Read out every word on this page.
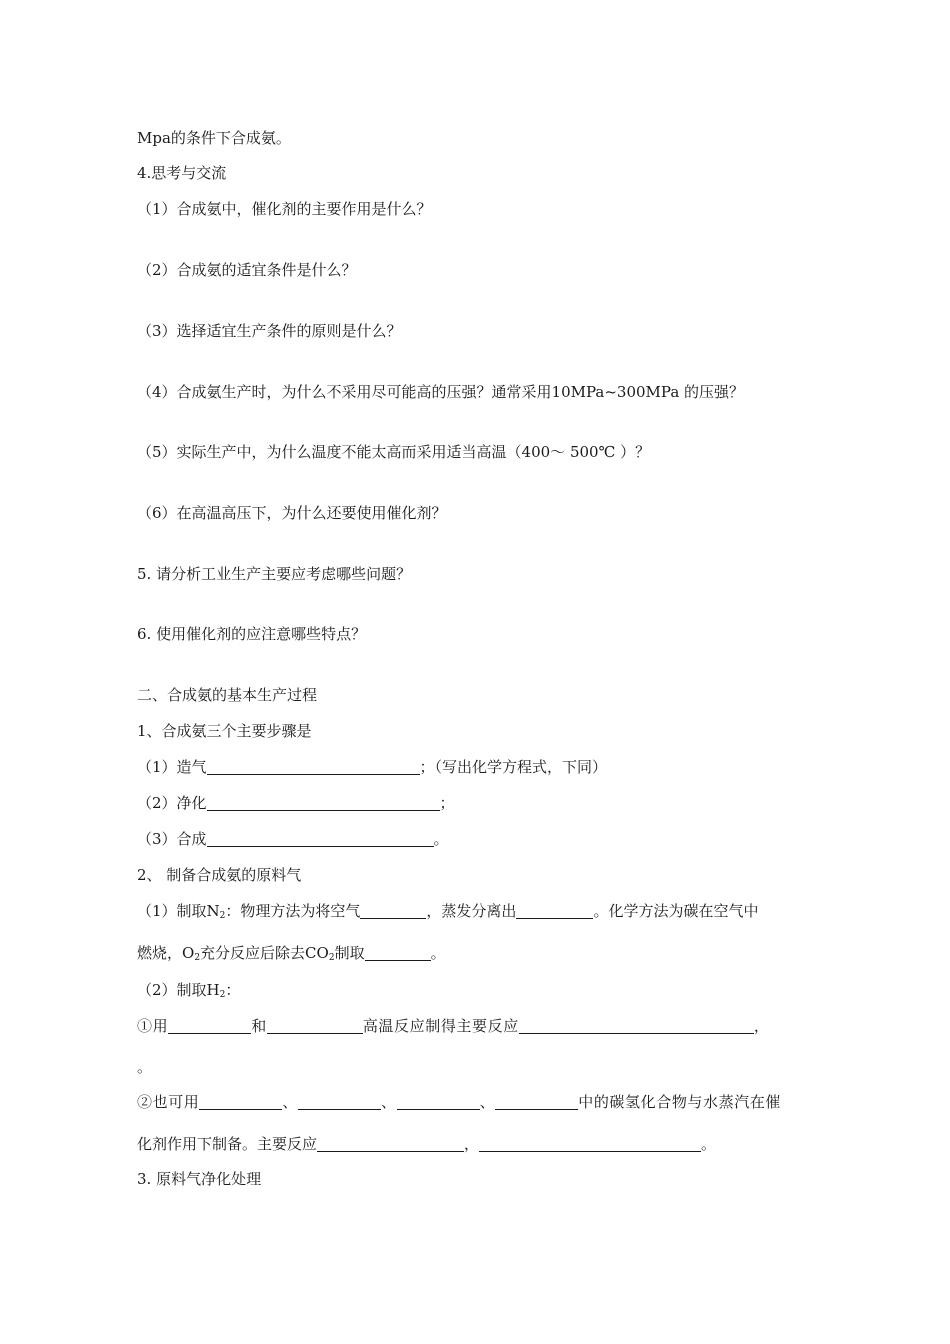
Mpa的条件下合成氨。
4.思考与交流
（1）合成氨中，催化剂的主要作用是什么？
（2）合成氨的适宜条件是什么？
（3）选择适宜生产条件的原则是什么？
（4）合成氨生产时，为什么不采用尽可能高的压强？通常采用10MPa~300MPa 的压强？
（5）实际生产中，为什么温度不能太高而采用适当高温（400～ 500℃ ）？
（6）在高温高压下，为什么还要使用催化剂？
5. 请分析工业生产主要应考虑哪些问题？
6. 使用催化剂的应注意哪些特点？
二、合成氨的基本生产过程
1、合成氨三个主要步骤是
（1）造气	；（写出化学方程式，下同）
（2）净化	；
（3）合成	。
2、 制备合成氨的原料气
（1）制取$N_2$：物理方法为将空气	，蒸发分离出	。化学方法为碳在空气中
燃烧，$O_2$充分反应后除去$CO_2$制取	。
（2）制取$H_2$：
①用	和	高温反应制得主要反应	，
。
②也可用	、	、	、	中的碳氢化合物与水蒸汽在催
化剂作用下制备。主要反应	，	。
3. 原料气净化处理
